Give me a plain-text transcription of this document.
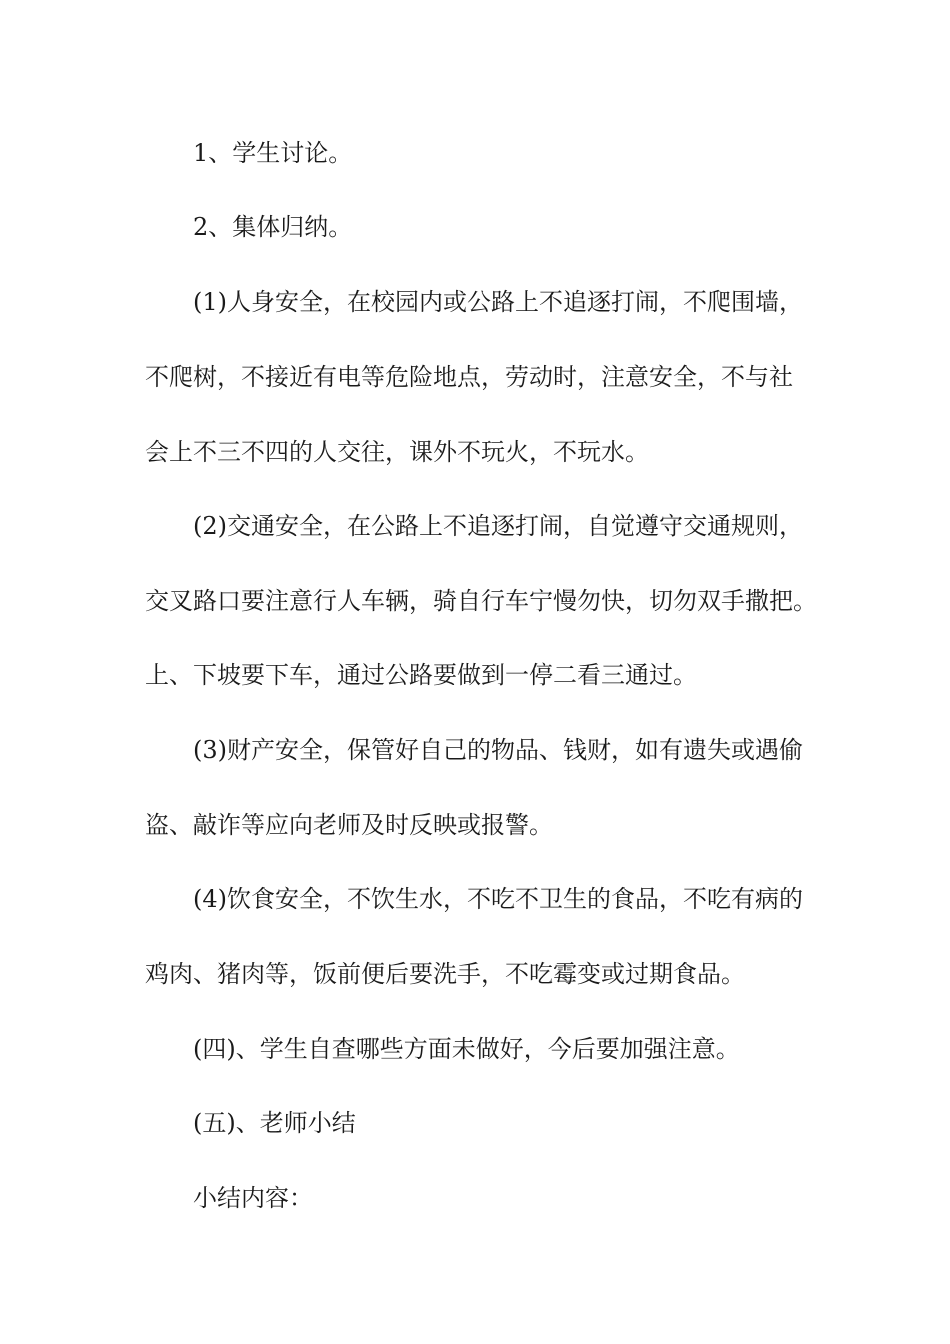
1、学生讨论。
2、集体归纳。
(1)人身安全，在校园内或公路上不追逐打闹，不爬围墙，
不爬树，不接近有电等危险地点，劳动时，注意安全，不与社
会上不三不四的人交往，课外不玩火，不玩水。
(2)交通安全，在公路上不追逐打闹，自觉遵守交通规则，
交叉路口要注意行人车辆，骑自行车宁慢勿快，切勿双手撒把。
上、下坡要下车，通过公路要做到一停二看三通过。
(3)财产安全，保管好自己的物品、钱财，如有遗失或遇偷
盗、敲诈等应向老师及时反映或报警。
(4)饮食安全，不饮生水，不吃不卫生的食品，不吃有病的
鸡肉、猪肉等，饭前便后要洗手，不吃霉变或过期食品。
(四)、学生自查哪些方面未做好，今后要加强注意。
(五)、老师小结
小结内容：
